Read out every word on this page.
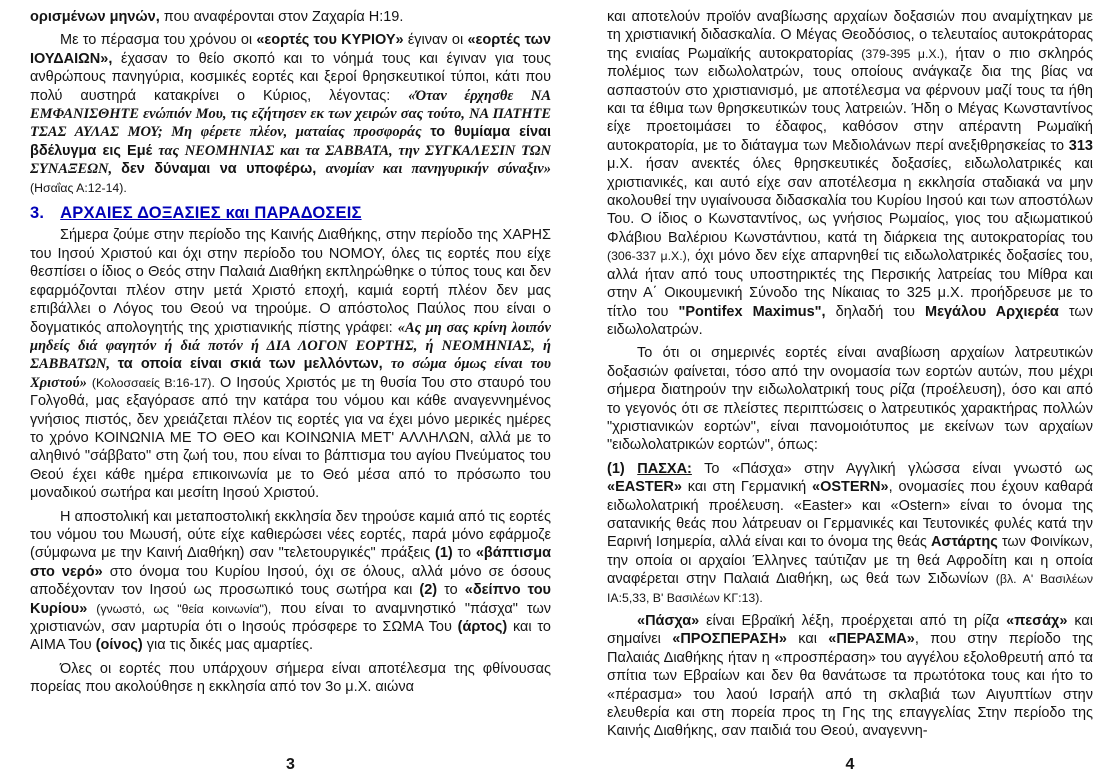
ορισμένων μηνών, που αναφέρονται στον Ζαχαρία Η:19.

Με το πέρασμα του χρόνου οι «εορτές του ΚΥΡΙΟΥ» έγιναν οι «εορτές των ΙΟΥΔΑΙΩΝ», έχασαν το θείο σκοπό και το νόημά τους και έγιναν για τους ανθρώπους πανηγύρια, κοσμικές εορτές και ξεροί θρησκευτικοί τύποι, κάτι που πολύ αυστηρά κατακρίνει ο Κύριος, λέγοντας: «Όταν έρχησθε ΝΑ ΕΜΦΑΝΙΣΘΗΤΕ ενώπιόν Μου, τις εζήτησεν εκ των χειρών σας τούτο, ΝΑ ΠΑΤΗΤΕ ΤΣΑΣ ΑΥΛΑΣ ΜΟΥ; Μη φέρετε πλέον, ματαίας προσφοράς το θυμίαμα είναι βδέλυγμα εις Εμέ τας ΝΕΟΜΗΝΙΑΣ και τα ΣΑΒΒΑΤΑ, την ΣΥΓΚΑΛΕΣΙΝ ΤΩΝ ΣΥΝΑΞΕΩΝ, δεν δύναμαι να υποφέρω, ανομίαν και πανηγυρικήν σύναξιν» (Ησαΐας Α:12-14).

3. ΑΡΧΑΙΕΣ ΔΟΞΑΣΙΕΣ και ΠΑΡΑΔΟΣΕΙΣ

Σήμερα ζούμε στην περίοδο της Καινής Διαθήκης, στην περίοδο της ΧΑΡΗΣ του Ιησού Χριστού και όχι στην περίοδο του ΝΟΜΟΥ, όλες τις εορτές που είχε θεσπίσει ο ίδιος ο Θεός στην Παλαιά Διαθήκη εκπληρώθηκε ο τύπος τους και δεν εφαρμόζονται πλέον στην μετά Χριστό εποχή, καμιά εορτή πλέον δεν μας επιβάλλει ο Λόγος του Θεού να τηρούμε. Ο απόστολος Παύλος που είναι ο δογματικός απολογητής της χριστιανικής πίστης γράφει: «Ας μη σας κρίνη λοιπόν μηδείς διά φαγητόν ή διά ποτόν ή ΔΙΑ ΛΟΓΟΝ ΕΟΡΤΗΣ, ή ΝΕΟΜΗΝΙΑΣ, ή ΣΑΒΒΑΤΩΝ, τα οποία είναι σκιά των μελλόντων, το σώμα όμως είναι του Χριστού» (Κολοσσαείς Β:16-17). Ο Ιησούς Χριστός με τη θυσία Του στο σταυρό του Γολγοθά, μας εξαγόρασε από την κατάρα του νόμου και κάθε αναγεννημένος γνήσιος πιστός, δεν χρειάζεται πλέον τις εορτές για να έχει μόνο μερικές ημέρες το χρόνο ΚΟΙΝΩΝΙΑ ΜΕ ΤΟ ΘΕΟ και ΚΟΙΝΩΝΙΑ ΜΕΤ' ΑΛΛΗΛΩΝ, αλλά με το αληθινό "σάββατο" στη ζωή του, που είναι το βάπτισμα του αγίου Πνεύματος του Θεού έχει κάθε ημέρα επικοινωνία με το Θεό μέσα από το πρόσωπο του μοναδικού σωτήρα και μεσίτη Ιησού Χριστού.

Η αποστολική και μεταποστολική εκκλησία δεν τηρούσε καμιά από τις εορτές του νόμου του Μωυσή, ούτε είχε καθιερώσει νέες εορτές, παρά μόνο εφάρμοζε (σύμφωνα με την Καινή Διαθήκη) σαν "τελετουργικές" πράξεις (1) το «βάπτισμα στο νερό» στο όνομα του Κυρίου Ιησού, όχι σε όλους, αλλά μόνο σε όσους αποδέχονταν τον Ιησού ως προσωπικό τους σωτήρα και (2) το «δείπνο του Κυρίου» (γνωστό, ως "θεία κοινωνία"), που είναι το αναμνηστικό "πάσχα" των χριστιανών, σαν μαρτυρία ότι ο Ιησούς πρόσφερε το ΣΩΜΑ Του (άρτος) και το ΑΙΜΑ Του (οίνος) για τις δικές μας αμαρτίες.

Όλες οι εορτές που υπάρχουν σήμερα είναι αποτέλεσμα της φθίνουσας πορείας που ακολούθησε η εκκλησία από τον 3ο μ.Χ. αιώνα

3

και αποτελούν προϊόν αναβίωσης αρχαίων δοξασιών που αναμίχτηκαν με τη χριστιανική διδασκαλία. Ο Μέγας Θεοδόσιος, ο τελευταίος αυτοκράτορας της ενιαίας Ρωμαϊκής αυτοκρατορίας (379-395 μ.Χ.), ήταν ο πιο σκληρός πολέμιος των ειδωλολατρών, τους οποίους ανάγκαζε δια της βίας να ασπαστούν στο χριστιανισμό, με αποτέλεσμα να φέρνουν μαζί τους τα ήθη και τα έθιμα των θρησκευτικών τους λατρειών. Ήδη ο Μέγας Κωνσταντίνος είχε προετοιμάσει το έδαφος, καθόσον στην απέραντη Ρωμαϊκή αυτοκρατορία, με το διάταγμα των Μεδιολάνων περί ανεξιθρησκείας το 313 μ.Χ. ήσαν ανεκτές όλες θρησκευτικές δοξασίες, ειδωλολατρικές και χριστιανικές, και αυτό είχε σαν αποτέλεσμα η εκκλησία σταδιακά να μην ακολουθεί την υγιαίνουσα διδασκαλία του Κυρίου Ιησού και των αποστόλων Του. Ο ίδιος ο Κωνσταντίνος, ως γνήσιος Ρωμαίος, γιος του αξιωματικού Φλάβιου Βαλέριου Κωνστάντιου, κατά τη διάρκεια της αυτοκρατορίας του (306-337 μ.Χ.), όχι μόνο δεν είχε απαρνηθεί τις ειδωλολατρικές δοξασίες του, αλλά ήταν από τους υποστηρικτές της Περσικής λατρείας του Μίθρα και στην Α΄ Οικουμενική Σύνοδο της Νίκαιας το 325 μ.Χ. προήδρευσε με το τίτλο του "Pontifex Maximus", δηλαδή του Μεγάλου Αρχιερέα των ειδωλολατρών.

Το ότι οι σημερινές εορτές είναι αναβίωση αρχαίων λατρευτικών δοξασιών φαίνεται, τόσο από την ονομασία των εορτών αυτών, που μέχρι σήμερα διατηρούν την ειδωλολατρική τους ρίζα (προέλευση), όσο και από το γεγονός ότι σε πλείστες περιπτώσεις ο λατρευτικός χαρακτήρας πολλών "χριστιανικών εορτών", είναι πανομοιότυπος με εκείνων των αρχαίων "ειδωλολατρικών εορτών", όπως:

(1) ΠΑΣΧΑ: Το «Πάσχα» στην Αγγλική γλώσσα είναι γνωστό ως «EASTER» και στη Γερμανική «OSTERN», ονομασίες που έχουν καθαρά ειδωλολατρική προέλευση. «Easter» και «Ostern» είναι το όνομα της σατανικής θεάς που λάτρευαν οι Γερμανικές και Τευτονικές φυλές κατά την Εαρινή Ισημερία, αλλά είναι και το όνομα της θεάς Αστάρτης των Φοινίκων, την οποία οι αρχαίοι Έλληνες ταύτιζαν με τη θεά Αφροδίτη και η οποία αναφέρεται στην Παλαιά Διαθήκη, ως θεά των Σιδωνίων (βλ. Α' Βασιλέων ΙΑ:5,33, Β' Βασιλέων ΚΓ:13).

«Πάσχα» είναι Εβραϊκή λέξη, προέρχεται από τη ρίζα «πεσάχ» και σημαίνει «ΠΡΟΣΠΕΡΑΣΗ» και «ΠΕΡΑΣΜΑ», που στην περίοδο της Παλαιάς Διαθήκης ήταν η «προσπέραση» του αγγέλου εξολοθρευτή από τα σπίτια των Εβραίων και δεν θα θανάτωσε τα πρωτότοκα τους και ήτο το «πέρασμα» του λαού Ισραήλ από τη σκλαβιά των Αιγυπτίων στην ελευθερία και στη πορεία προς τη Γης της επαγγελίας Στην περίοδο της Καινής Διαθήκης, σαν παιδιά του Θεού, αναγεννη-

4
